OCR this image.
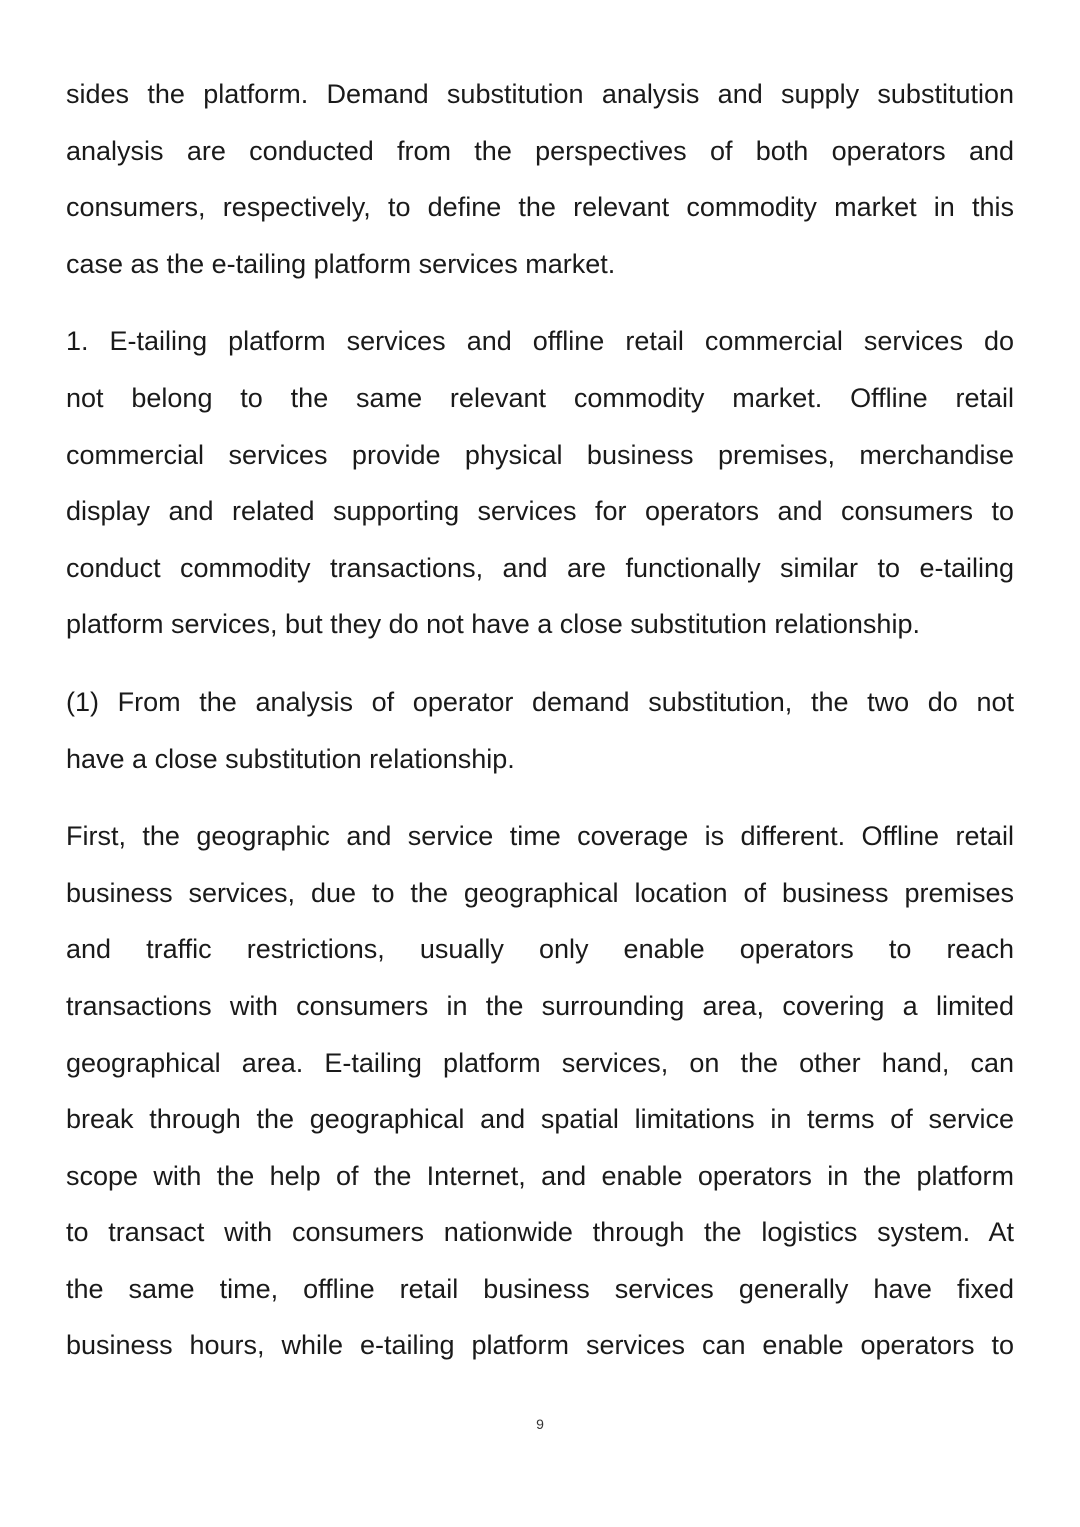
sides the platform. Demand substitution analysis and supply substitution
analysis are conducted from the perspectives of both operators and
consumers, respectively, to define the relevant commodity market in this
case as the e-tailing platform services market.

1. E-tailing platform services and offline retail commercial services do
not belong to the same relevant commodity market. Offline retail
commercial services provide physical business premises, merchandise
display and related supporting services for operators and consumers to
conduct commodity transactions, and are functionally similar to e-tailing
platform services, but they do not have a close substitution relationship.

(1) From the analysis of operator demand substitution, the two do not
have a close substitution relationship.

First, the geographic and service time coverage is different. Offline retail
business services, due to the geographical location of business premises
and traffic restrictions, usually only enable operators to reach
transactions with consumers in the surrounding area, covering a limited
geographical area. E-tailing platform services, on the other hand, can
break through the geographical and spatial limitations in terms of service
scope with the help of the Internet, and enable operators in the platform
to transact with consumers nationwide through the logistics system. At
the same time, offline retail business services generally have fixed
business hours, while e-tailing platform services can enable operators to

9
